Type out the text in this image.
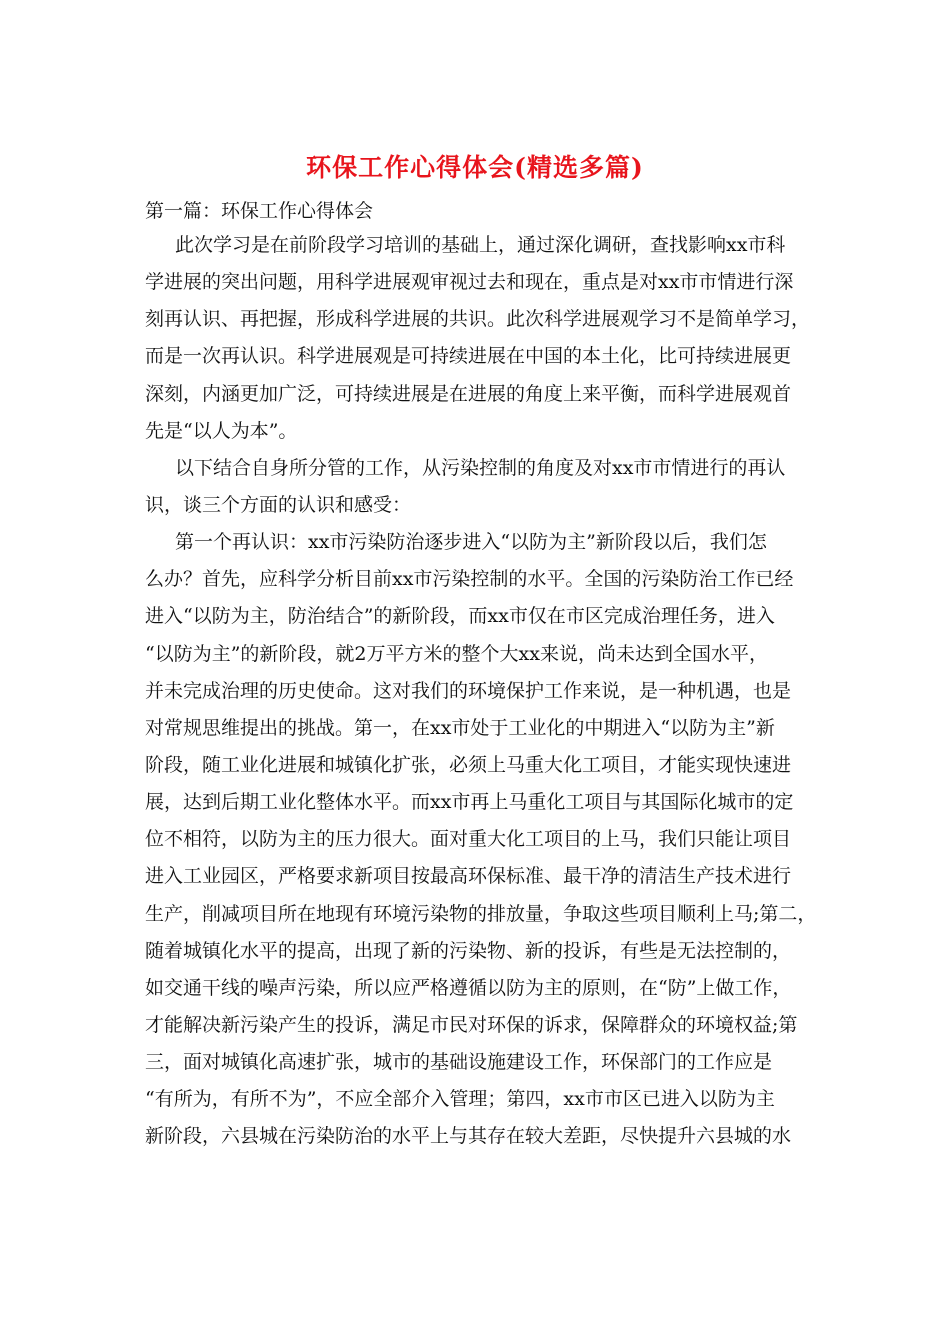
环保工作心得体会(精选多篇)
第一篇：环保工作心得体会
此次学习是在前阶段学习培训的基础上，通过深化调研，查找影响xx市科
学进展的突出问题，用科学进展观审视过去和现在，重点是对xx市市情进行深
刻再认识、再把握，形成科学进展的共识。此次科学进展观学习不是简单学习，
而是一次再认识。科学进展观是可持续进展在中国的本土化，比可持续进展更
深刻，内涵更加广泛，可持续进展是在进展的角度上来平衡，而科学进展观首
先是“以人为本”。
以下结合自身所分管的工作，从污染控制的角度及对xx市市情进行的再认
识，谈三个方面的认识和感受：
第一个再认识：xx市污染防治逐步进入“以防为主”新阶段以后，我们怎
么办？首先，应科学分析目前xx市污染控制的水平。全国的污染防治工作已经
进入“以防为主，防治结合”的新阶段，而xx市仅在市区完成治理任务，进入
“以防为主”的新阶段，就2万平方米的整个大xx来说，尚未达到全国水平，
并未完成治理的历史使命。这对我们的环境保护工作来说，是一种机遇，也是
对常规思维提出的挑战。第一，在xx市处于工业化的中期进入“以防为主”新
阶段，随工业化进展和城镇化扩张，必须上马重大化工项目，才能实现快速进
展，达到后期工业化整体水平。而xx市再上马重化工项目与其国际化城市的定
位不相符，以防为主的压力很大。面对重大化工项目的上马，我们只能让项目
进入工业园区，严格要求新项目按最高环保标准、最干净的清洁生产技术进行
生产，削减项目所在地现有环境污染物的排放量，争取这些项目顺利上马;第二，
随着城镇化水平的提高，出现了新的污染物、新的投诉，有些是无法控制的，
如交通干线的噪声污染，所以应严格遵循以防为主的原则，在“防”上做工作，
才能解决新污染产生的投诉，满足市民对环保的诉求，保障群众的环境权益;第
三，面对城镇化高速扩张，城市的基础设施建设工作，环保部门的工作应是
“有所为，有所不为”，不应全部介入管理；第四，xx市市区已进入以防为主
新阶段，六县城在污染防治的水平上与其存在较大差距，尽快提升六县城的水
